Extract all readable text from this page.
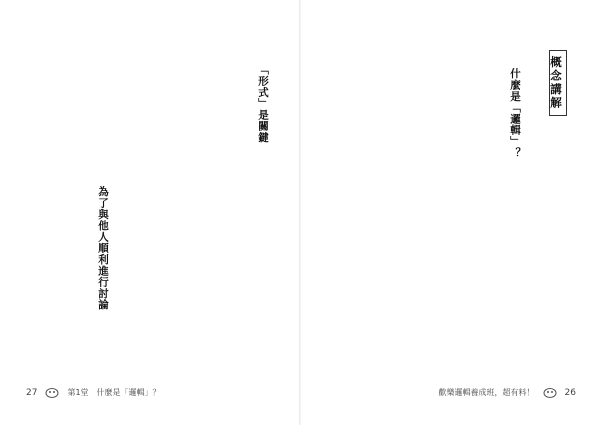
概念講解
什麼是「邏輯」？
「形式」是關鍵
為了與他人順利進行討論
27	第1堂 什麼是「邏輯」？	歡樂邏輯養成班，超有料！	26
